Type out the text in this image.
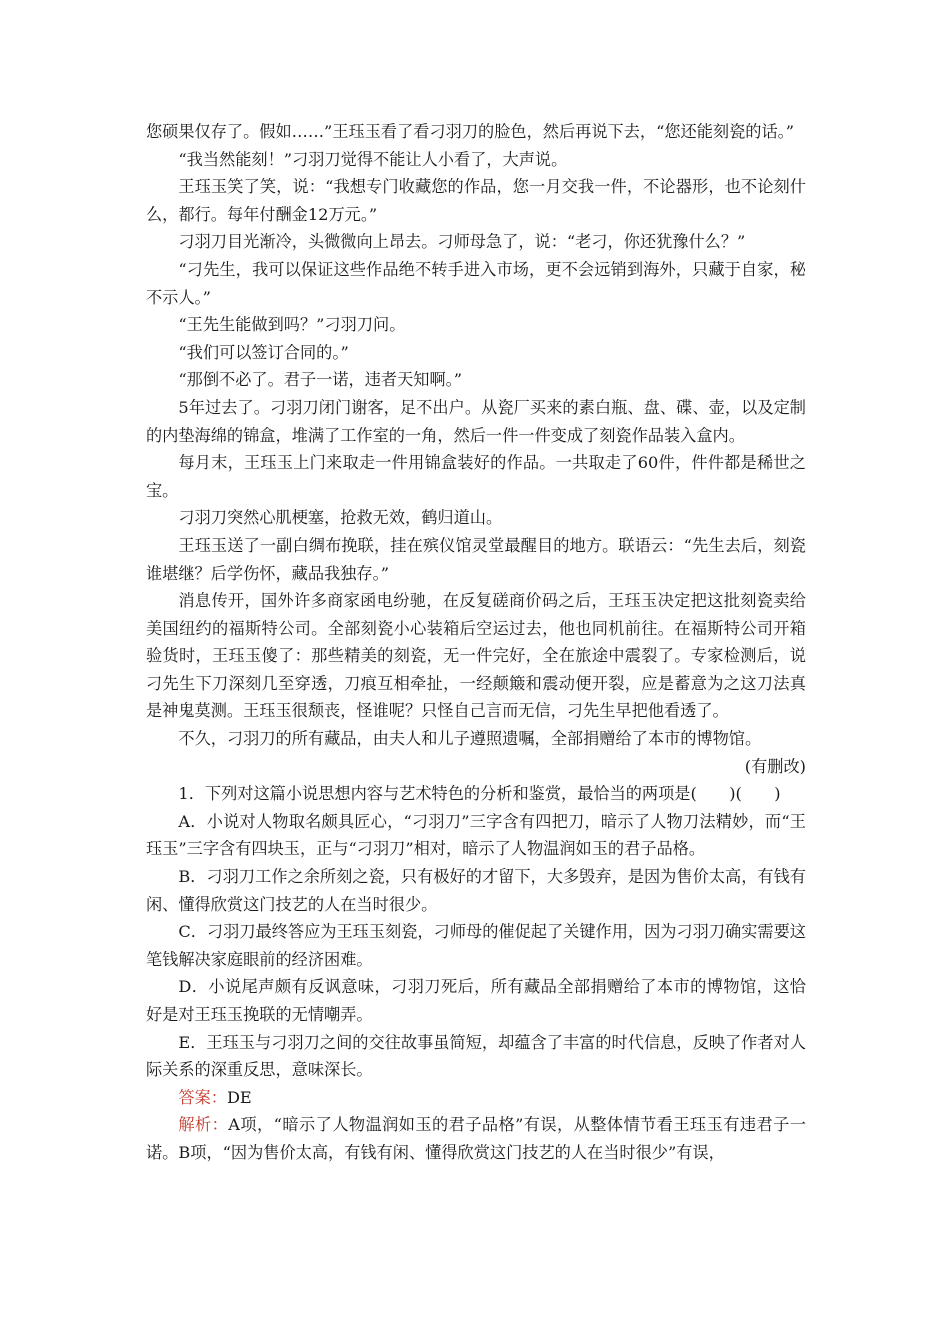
您硕果仅存了。假如……”王珏玉看了看刁羽刀的脸色，然后再说下去，“您还能刻瓷的话。”

“我当然能刻！”刁羽刀觉得不能让人小看了，大声说。

王珏玉笑了笑，说：“我想专门收藏您的作品，您一月交我一件，不论器形，也不论刻什么，都行。每年付酬金12万元。”

刁羽刀目光渐冷，头微微向上昂去。刁师母急了，说：“老刁，你还犹豫什么？”

“刁先生，我可以保证这些作品绝不转手进入市场，更不会远销到海外，只藏于自家，秘不示人。”

“王先生能做到吗？”刁羽刀问。

“我们可以签订合同的。”

“那倒不必了。君子一诺，违者天知啊。”

5年过去了。刁羽刀闭门谢客，足不出户。从瓷厂买来的素白瓶、盘、碟、壶，以及定制的内垫海绵的锦盒，堆满了工作室的一角，然后一件一件变成了刻瓷作品装入盒内。

每月末，王珏玉上门来取走一件用锦盒装好的作品。一共取走了60件，件件都是稀世之宝。

刁羽刀突然心肌梗塞，抢救无效，鹤归道山。

王珏玉送了一副白绸布挽联，挂在殡仪馆灵堂最醒目的地方。联语云：“先生去后，刻瓷谁堪继？后学伤怀，藏品我独存。”

消息传开，国外许多商家函电纷驰，在反复磋商价码之后，王珏玉决定把这批刻瓷卖给美国纽约的福斯特公司。全部刻瓷小心装箱后空运过去，他也同机前往。在福斯特公司开箱验货时，王珏玉傻了：那些精美的刻瓷，无一件完好，全在旅途中震裂了。专家检测后，说刁先生下刀深刻几至穿透，刀痕互相牵扯，一经颠簸和震动便开裂，应是蓄意为之这刀法真是神鬼莫测。王珏玉很颓丧，怪谁呢？只怪自己言而无信，刁先生早把他看透了。

不久，刁羽刀的所有藏品，由夫人和儿子遵照遗嘱，全部捐赠给了本市的博物馆。

(有删改)

1．下列对这篇小说思想内容与艺术特色的分析和鉴赏，最恰当的两项是(　　)(　　)

A．小说对人物取名颇具匠心，“刁羽刀”三字含有四把刀，暗示了人物刀法精妙，而“王珏玉”三字含有四块玉，正与“刁羽刀”相对，暗示了人物温润如玉的君子品格。

B．刁羽刀工作之余所刻之瓷，只有极好的才留下，大多毁弃，是因为售价太高，有钱有闲、懂得欣赏这门技艺的人在当时很少。

C．刁羽刀最终答应为王珏玉刻瓷，刁师母的催促起了关键作用，因为刁羽刀确实需要这笔钱解决家庭眼前的经济困难。

D．小说尾声颇有反讽意味，刁羽刀死后，所有藏品全部捐赠给了本市的博物馆，这恰好是对王珏玉挽联的无情嘲弄。

E．王珏玉与刁羽刀之间的交往故事虽简短，却蕴含了丰富的时代信息，反映了作者对人际关系的深重反思，意味深长。

答案：DE

解析：A项，“暗示了人物温润如玉的君子品格”有误，从整体情节看王珏玉有违君子一诺。B项，“因为售价太高，有钱有闲、懂得欣赏这门技艺的人在当时很少”有误，
